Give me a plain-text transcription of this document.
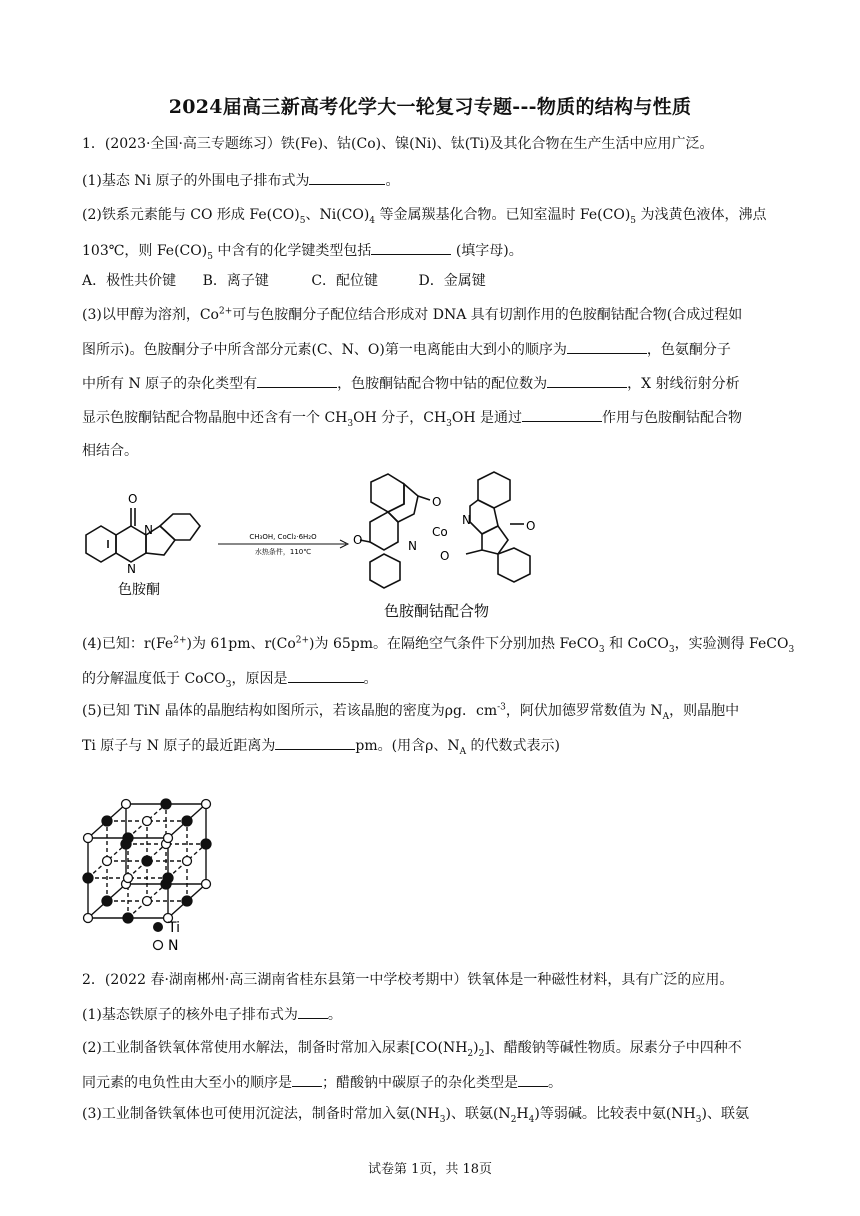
2024届高三新高考化学大一轮复习专题---物质的结构与性质
1．(2023·全国·高三专题练习）铁(Fe)、钴(Co)、镍(Ni)、钛(Ti)及其化合物在生产生活中应用广泛。
(1)基态 Ni 原子的外围电子排布式为	。
(2)铁系元素能与 CO 形成 $Fe(CO)_5$、$Ni(CO)_4$ 等金属羰基化合物。已知室温时 $Fe(CO)_5$ 为浅黄色液体，沸点
103℃，则 $Fe(CO)_5$ 中含有的化学键类型包括	(填字母)。
A．极性共价键 B．离子键	C．配位键	D．金属键
(3)以甲醇为溶剂，$Co^{2+}$可与色胺酮分子配位结合形成对 DNA 具有切割作用的色胺酮钴配合物(合成过程如
图所示)。色胺酮分子中所含部分元素(C、N、O)第一电离能由大到小的顺序为	，色氨酮分子
中所有 N 原子的杂化类型有	，色胺酮钴配合物中钴的配位数为	，X 射线衍射分析
显示色胺酮钴配合物晶胞中还含有一个 $CH_3OH$ 分子，$CH_3OH$ 是通过	作用与色胺酮钴配合物
相结合。
O
N
N
色胺酮
CH₃OH, CoCl₂·6H₂O
水热条件，110℃
O
Co
N
N
O
O
O
色胺酮钴配合物
(4)已知：$r(Fe^{2+})$为 61pm、$r(Co^{2+})$为 65pm。在隔绝空气条件下分别加热 FeCO$_3$ 和 CoCO$_3$，实验测得 FeCO$_3$
的分解温度低于 CoCO$_3$，原因是	。
(5)已知 TiN 晶体的晶胞结构如图所示，若该晶胞的密度为ρg．$cm^{-3}$，阿伏加德罗常数值为 $N_A$，则晶胞中
Ti 原子与 N 原子的最近距离为	pm。(用含ρ、$N_A$ 的代数式表示)
Ti
N
2．(2022 春·湖南郴州·高三湖南省桂东县第一中学校考期中）铁氧体是一种磁性材料，具有广泛的应用。
(1)基态铁原子的核外电子排布式为 。
(2)工业制备铁氧体常使用水解法，制备时常加入尿素$[CO(NH_2)_2]$、醋酸钠等碱性物质。尿素分子中四种不
同元素的电负性由大至小的顺序是 ；醋酸钠中碳原子的杂化类型是 。
(3)工业制备铁氧体也可使用沉淀法，制备时常加入氨$(NH_3)$、联氨$(N_2H_4)$等弱碱。比较表中氨$(NH_3)$、联氨
试卷第 1页，共 18页
